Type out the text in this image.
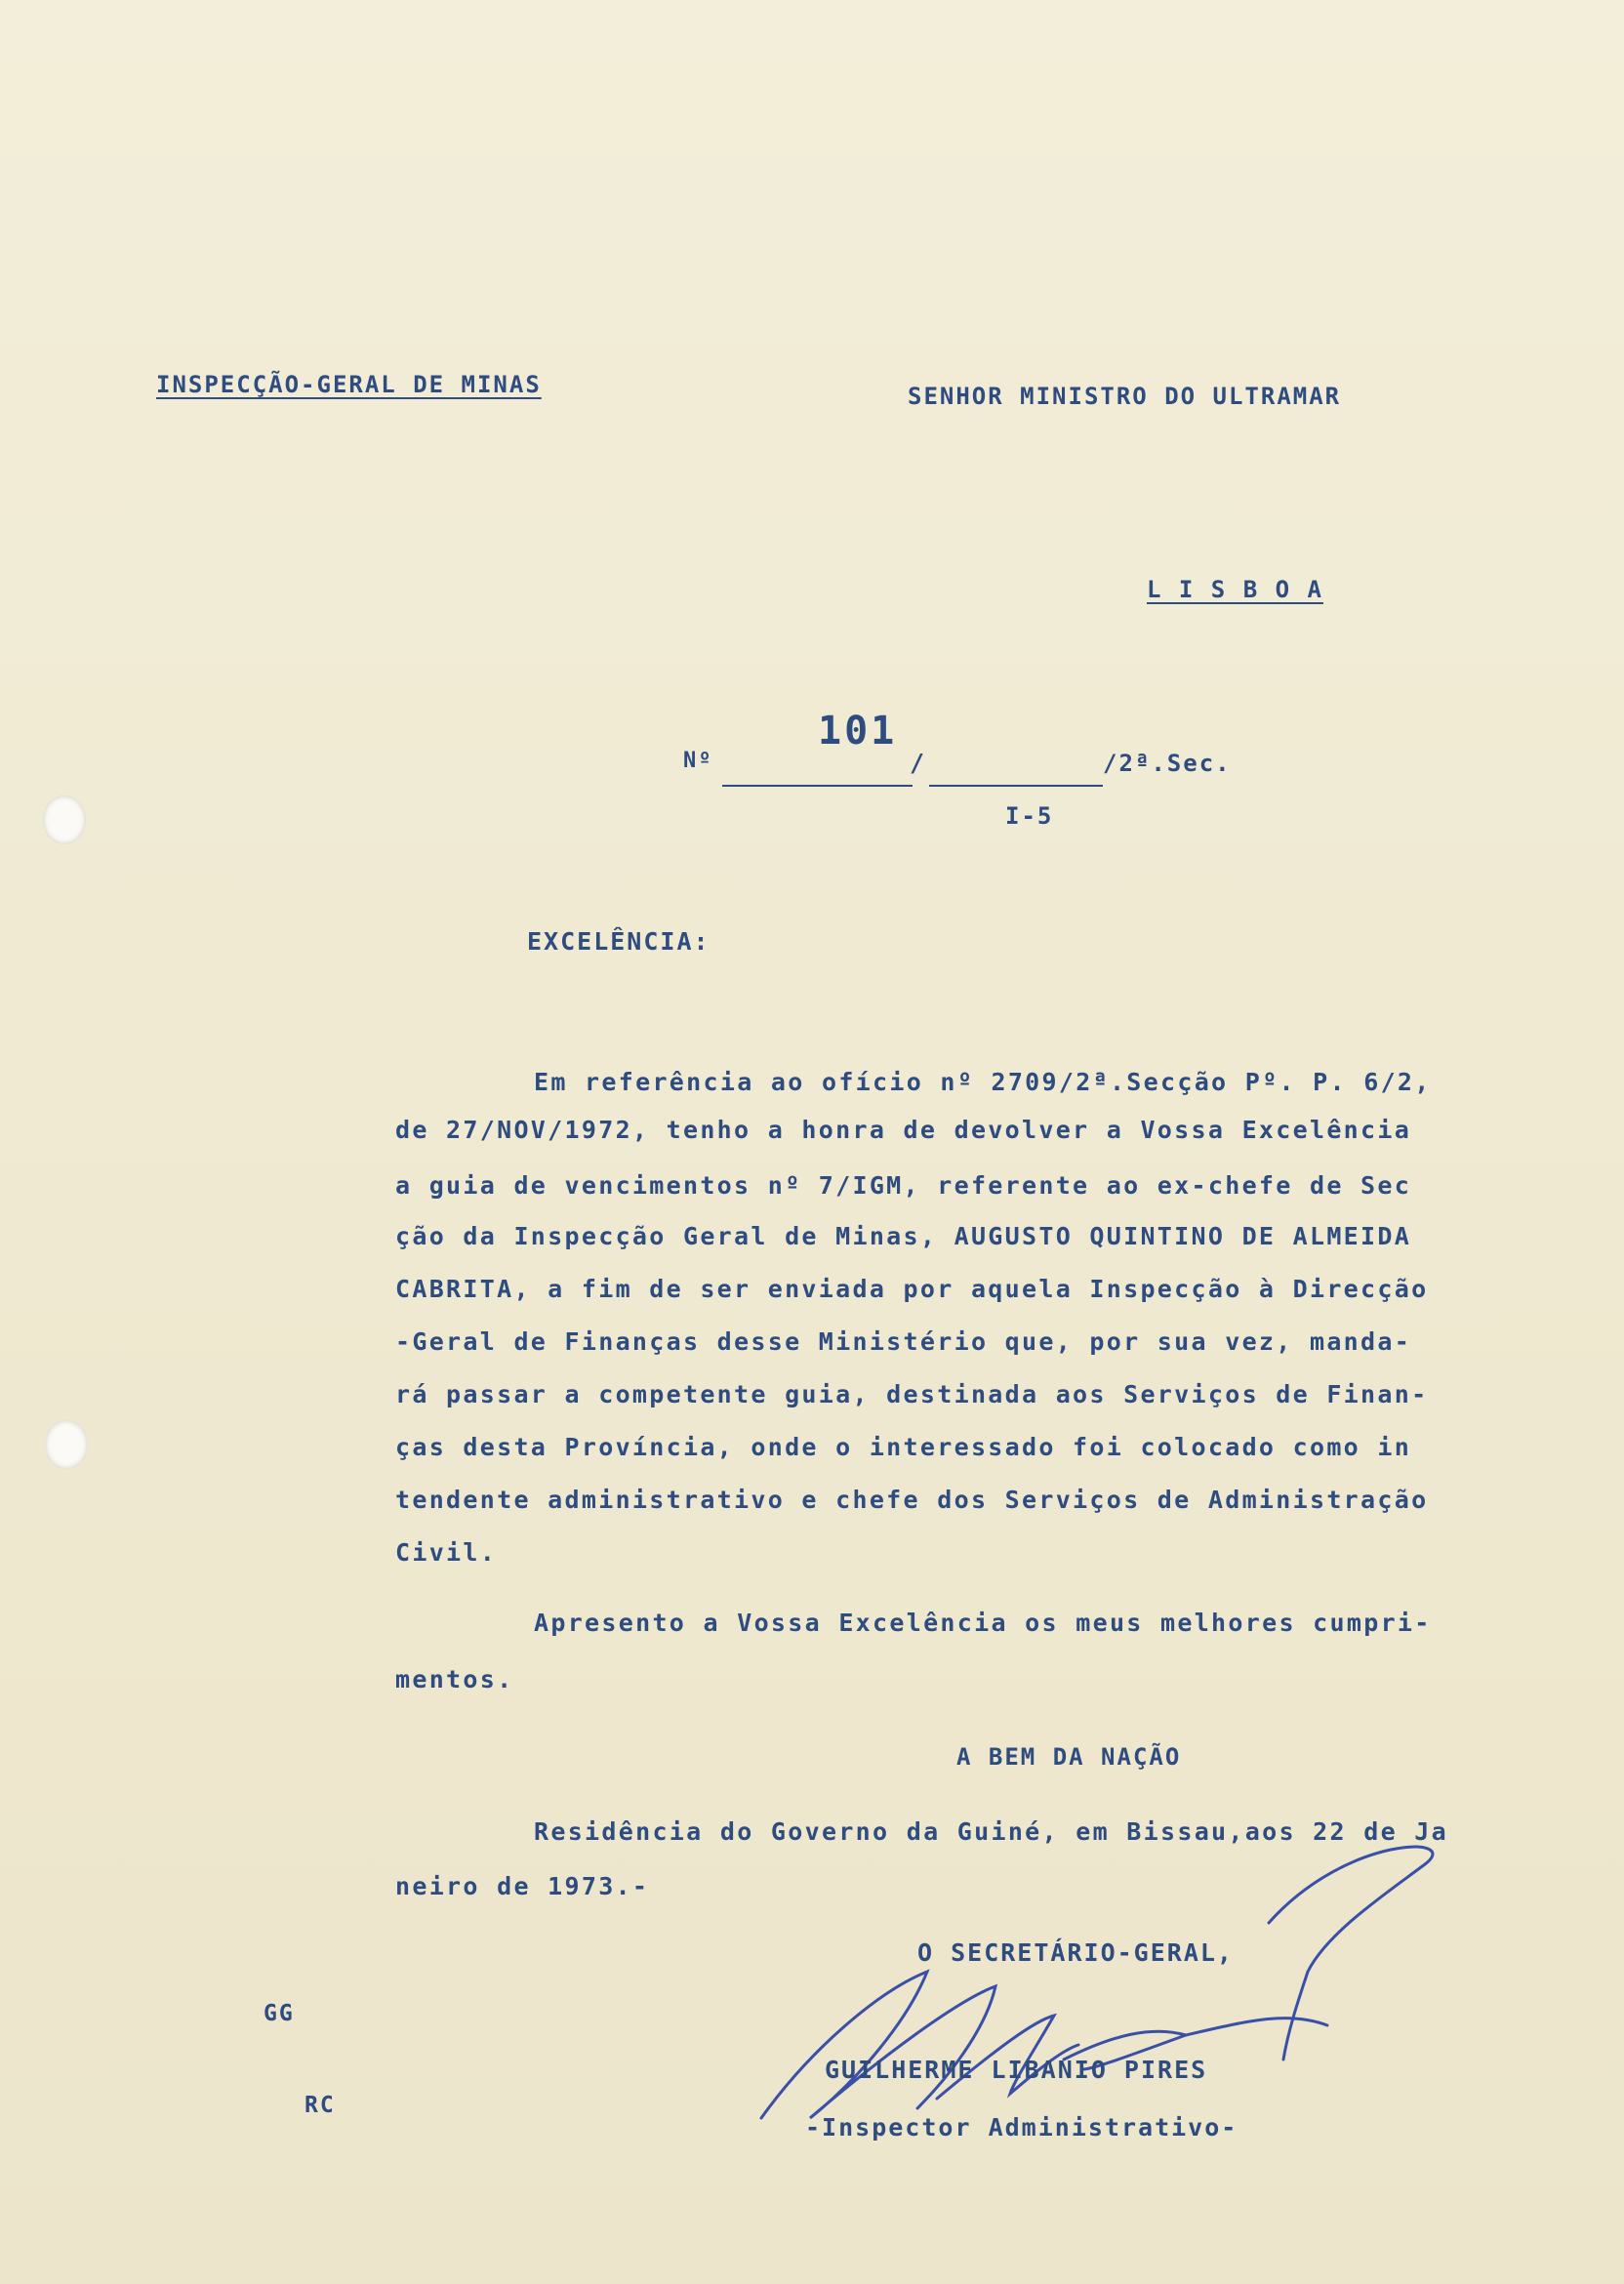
INSPECÇÃO-GERAL DE MINAS	SENHOR MINISTRO DO ULTRAMAR
L I S B O A
Nº	/
101
/2ª.Sec.
I-5
EXCELÊNCIA:
Em referência ao ofício nº 2709/2ª.Secção Pº. P. 6/2,
de 27/NOV/1972, tenho a honra de devolver a Vossa Excelência
a guia de vencimentos nº 7/IGM, referente ao ex-chefe de Sec
ção da Inspecção Geral de Minas, AUGUSTO QUINTINO DE ALMEIDA
CABRITA, a fim de ser enviada por aquela Inspecção à Direcção
-Geral de Finanças desse Ministério que, por sua vez, manda-
rá passar a competente guia, destinada aos Serviços de Finan-
ças desta Província, onde o interessado foi colocado como in
tendente administrativo e chefe dos Serviços de Administração
Civil.
Apresento a Vossa Excelência os meus melhores cumpri-
mentos.
A BEM DA NAÇÃO
Residência do Governo da Guiné, em Bissau,aos 22 de Ja
neiro de 1973.-
O SECRETÁRIO-GERAL,
GUILHERME LIBANIO PIRES
-Inspector Administrativo-
GG
RC
